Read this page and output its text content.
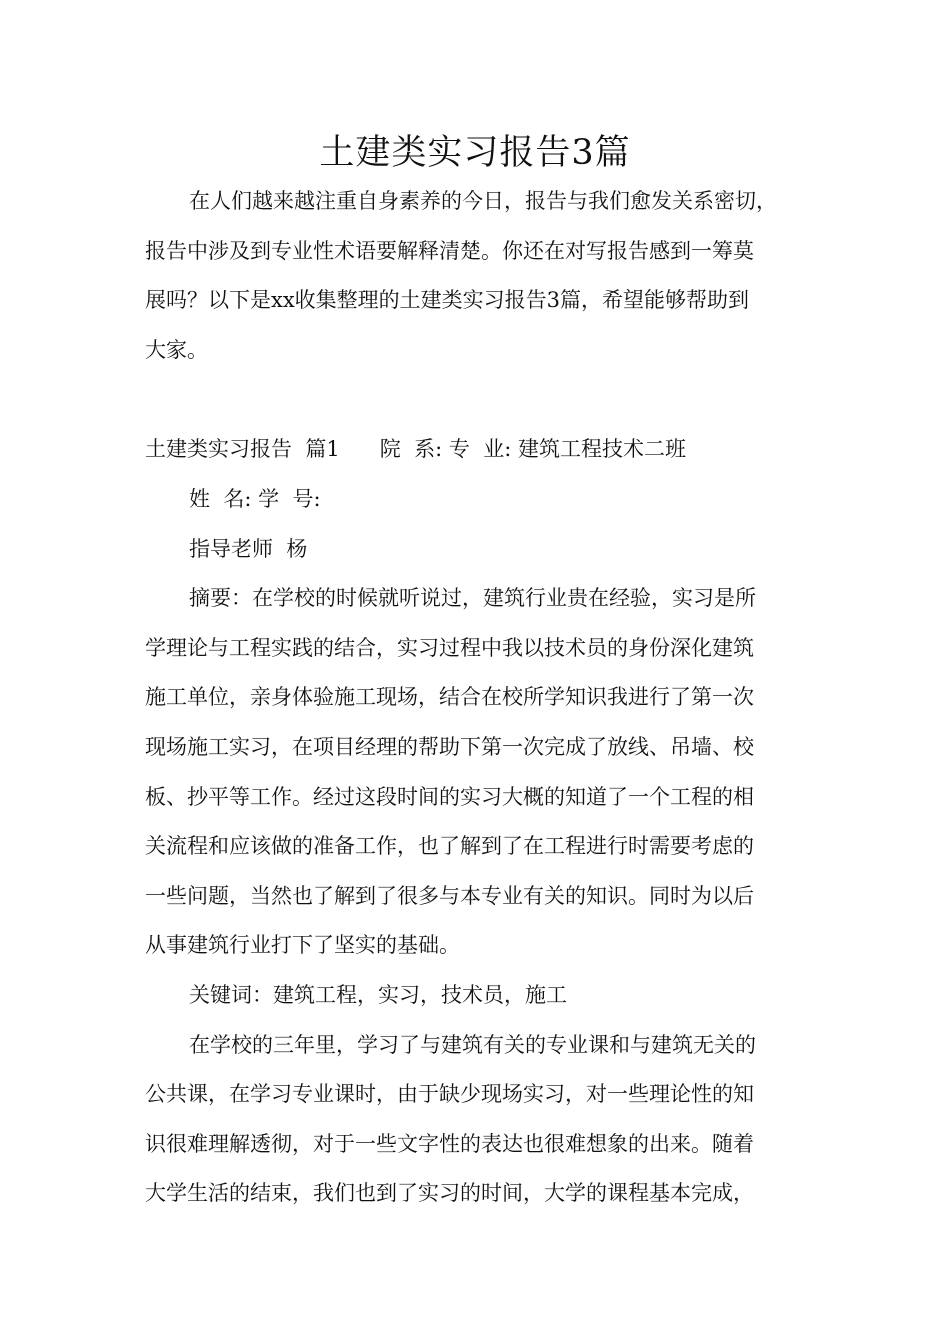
土建类实习报告3篇

在人们越来越注重自身素养的今日，报告与我们愈发关系密切，

报告中涉及到专业性术语要解释清楚。你还在对写报告感到一筹莫

展吗？以下是xx收集整理的土建类实习报告3篇，希望能够帮助到

大家。

土建类实习报告  篇1      院  系: 专  业: 建筑工程技术二班

姓  名: 学  号:

指导老师  杨

摘要：在学校的时候就听说过，建筑行业贵在经验，实习是所

学理论与工程实践的结合，实习过程中我以技术员的身份深化建筑

施工单位，亲身体验施工现场，结合在校所学知识我进行了第一次

现场施工实习，在项目经理的帮助下第一次完成了放线、吊墙、校

板、抄平等工作。经过这段时间的实习大概的知道了一个工程的相

关流程和应该做的准备工作，也了解到了在工程进行时需要考虑的

一些问题，当然也了解到了很多与本专业有关的知识。同时为以后

从事建筑行业打下了坚实的基础。

关键词：建筑工程，实习，技术员，施工

在学校的三年里，学习了与建筑有关的专业课和与建筑无关的

公共课，在学习专业课时，由于缺少现场实习，对一些理论性的知

识很难理解透彻，对于一些文字性的表达也很难想象的出来。随着

大学生活的结束，我们也到了实习的时间，大学的课程基本完成，
